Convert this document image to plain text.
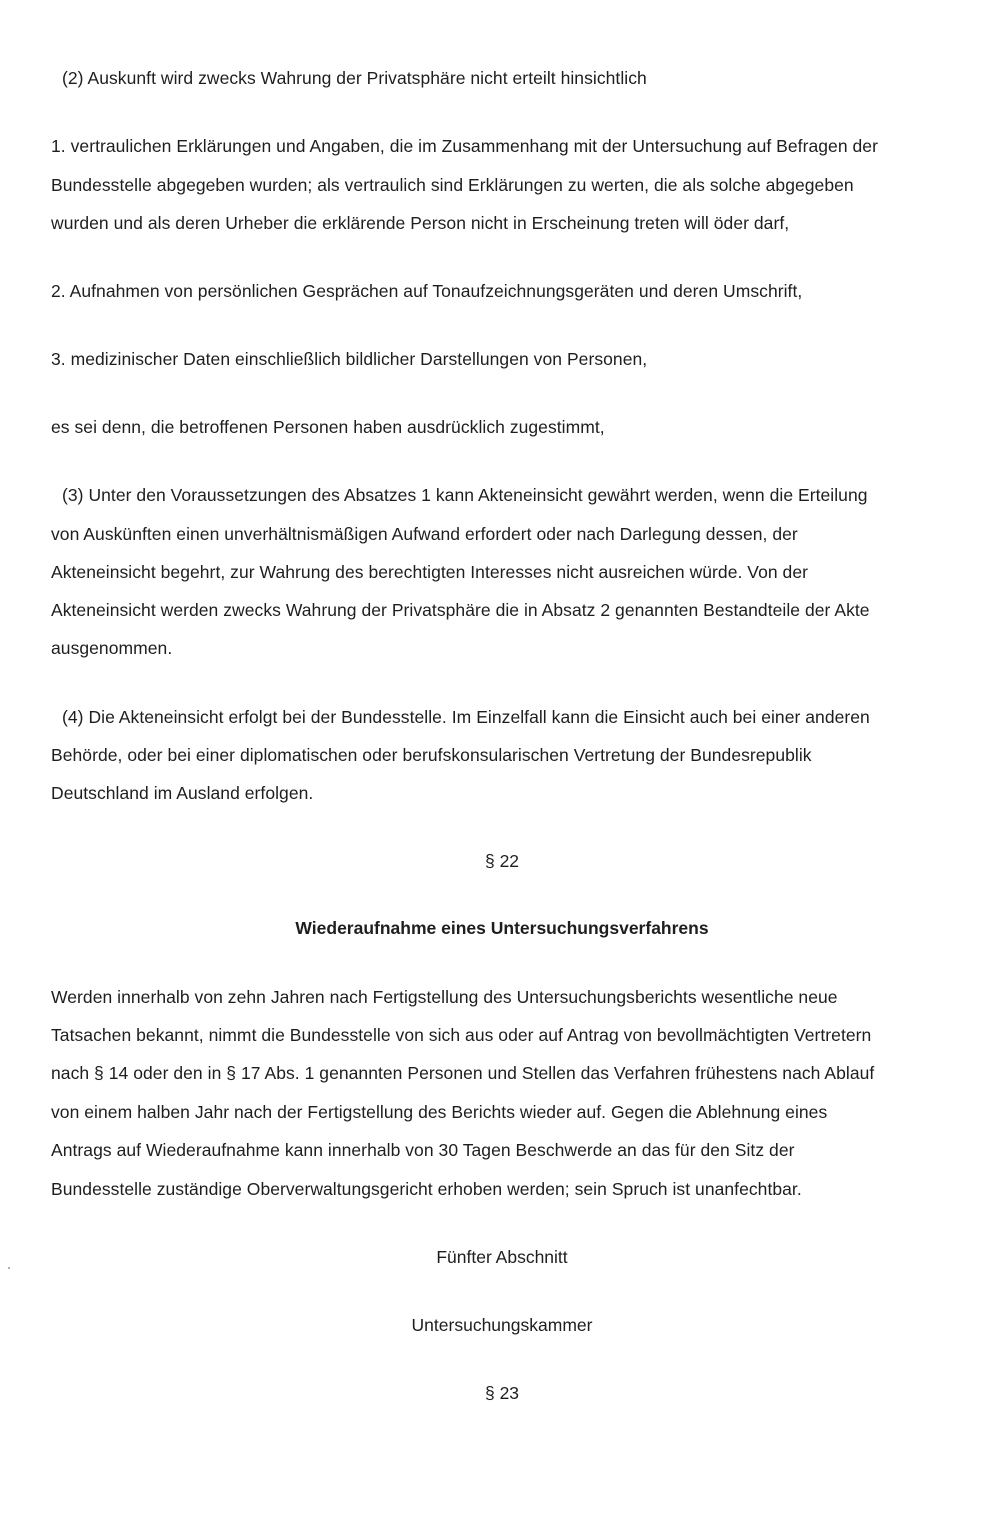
(2) Auskunft wird zwecks Wahrung der Privatsphäre nicht erteilt hinsichtlich
1. vertraulichen Erklärungen und Angaben, die im Zusammenhang mit der Untersuchung auf Befragen der
Bundesstelle abgegeben wurden; als vertraulich sind Erklärungen zu werten, die als solche abgegeben
wurden und als deren Urheber die erklärende Person nicht in Erscheinung treten will öder darf,
2. Aufnahmen von persönlichen Gesprächen auf Tonaufzeichnungsgeräten und deren Umschrift,
3. medizinischer Daten einschließlich bildlicher Darstellungen von Personen,
es sei denn, die betroffenen Personen haben ausdrücklich zugestimmt,
(3) Unter den Voraussetzungen des Absatzes 1 kann Akteneinsicht gewährt werden, wenn die Erteilung
von Auskünften einen unverhältnismäßigen Aufwand erfordert oder nach Darlegung dessen, der
Akteneinsicht begehrt, zur Wahrung des berechtigten Interesses nicht ausreichen würde. Von der
Akteneinsicht werden zwecks Wahrung der Privatsphäre die in Absatz 2 genannten Bestandteile der Akte
ausgenommen.
(4) Die Akteneinsicht erfolgt bei der Bundesstelle. Im Einzelfall kann die Einsicht auch bei einer anderen
Behörde, oder bei einer diplomatischen oder berufskonsularischen Vertretung der Bundesrepublik
Deutschland im Ausland erfolgen.
§ 22
Wiederaufnahme eines Untersuchungsverfahrens
Werden innerhalb von zehn Jahren nach Fertigstellung des Untersuchungsberichts wesentliche neue
Tatsachen bekannt, nimmt die Bundesstelle von sich aus oder auf Antrag von bevollmächtigten Vertretern
nach § 14 oder den in § 17 Abs. 1 genannten Personen und Stellen das Verfahren frühestens nach Ablauf
von einem halben Jahr nach der Fertigstellung des Berichts wieder auf. Gegen die Ablehnung eines
Antrags auf Wiederaufnahme kann innerhalb von 30 Tagen Beschwerde an das für den Sitz der
Bundesstelle zuständige Oberverwaltungsgericht erhoben werden; sein Spruch ist unanfechtbar.
Fünfter Abschnitt
Untersuchungskammer
§ 23
